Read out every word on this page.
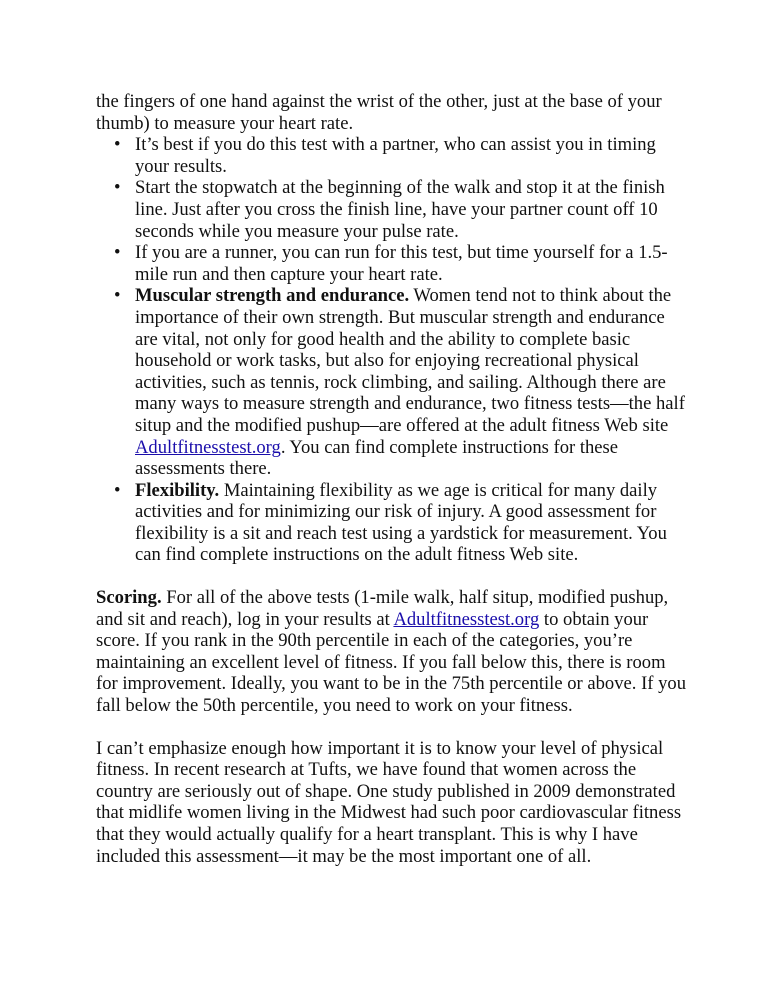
the fingers of one hand against the wrist of the other, just at the base of your thumb) to measure your heart rate.

• It’s best if you do this test with a partner, who can assist you in timing your results.
• Start the stopwatch at the beginning of the walk and stop it at the finish line. Just after you cross the finish line, have your partner count off 10 seconds while you measure your pulse rate.
• If you are a runner, you can run for this test, but time yourself for a 1.5-mile run and then capture your heart rate.
• Muscular strength and endurance. Women tend not to think about the importance of their own strength. But muscular strength and endurance are vital, not only for good health and the ability to complete basic household or work tasks, but also for enjoying recreational physical activities, such as tennis, rock climbing, and sailing. Although there are many ways to measure strength and endurance, two fitness tests—the half situp and the modified pushup—are offered at the adult fitness Web site Adultfitnesstest.org. You can find complete instructions for these assessments there.
• Flexibility. Maintaining flexibility as we age is critical for many daily activities and for minimizing our risk of injury. A good assessment for flexibility is a sit and reach test using a yardstick for measurement. You can find complete instructions on the adult fitness Web site.

Scoring. For all of the above tests (1-mile walk, half situp, modified pushup, and sit and reach), log in your results at Adultfitnesstest.org to obtain your score. If you rank in the 90th percentile in each of the categories, you’re maintaining an excellent level of fitness. If you fall below this, there is room for improvement. Ideally, you want to be in the 75th percentile or above. If you fall below the 50th percentile, you need to work on your fitness.

I can’t emphasize enough how important it is to know your level of physical fitness. In recent research at Tufts, we have found that women across the country are seriously out of shape. One study published in 2009 demonstrated that midlife women living in the Midwest had such poor cardiovascular fitness that they would actually qualify for a heart transplant. This is why I have included this assessment—it may be the most important one of all.
